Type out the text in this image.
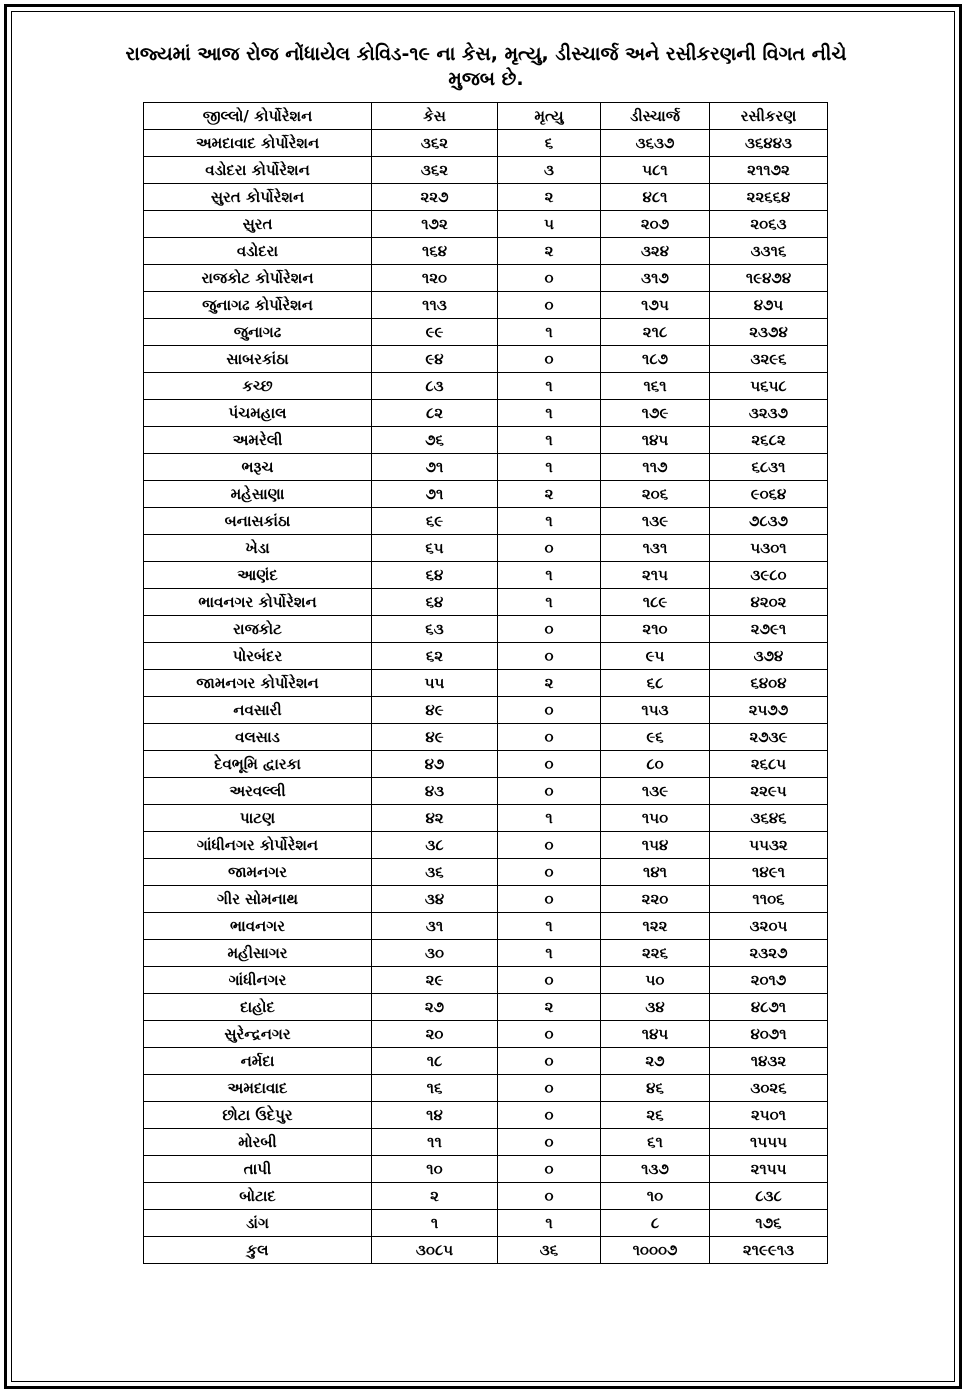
રાજ્યમાં આજ રોજ નોંધાયેલ કોવિડ-૧૯ ના કેસ, મૃત્યુ, ડીસ્ચાર્જ અને રસીકરણની વિગત નીચે
મુજબ છે.
જીલ્લો/ કોર્પોરેશન	કેસ	મૃત્યુ	ડીસ્ચાર્જ	રસીકરણ
અમદાવાદ કોર્પોરેશન	૩૬૨	૬	૩૬૩૭	૩૬૪૪૩
વડોદરા કોર્પોરેશન	૩૬૨	૩	૫૮૧	૨૧૧૭૨
સુરત કોર્પોરેશન	૨૨૭	૨	૪૮૧	૨૨૬૬૪
સુરત	૧૭૨	૫	૨૦૭	૨૦૬૩
વડોદરા	૧૬૪	૨	૩૨૪	૩૩૧૬
રાજકોટ કોર્પોરેશન	૧૨૦	૦	૩૧૭	૧૯૪૭૪
જુનાગઢ કોર્પોરેશન	૧૧૩	૦	૧૭૫	૪૭૫
જુનાગઢ	૯૯	૧	૨૧૮	૨૩૭૪
સાબરકાંઠા	૯૪	૦	૧૮૭	૩૨૯૬
કચ્છ	૮૩	૧	૧૬૧	૫૬૫૮
પંચમહાલ	૮૨	૧	૧૭૯	૩૨૩૭
અમરેલી	૭૬	૧	૧૪૫	૨૬૮૨
ભરૂચ	૭૧	૧	૧૧૭	૬૮૩૧
મહેસાણા	૭૧	૨	૨૦૬	૯૦૬૪
બનાસકાંઠા	૬૯	૧	૧૩૯	૭૮૩૭
ખેડા	૬૫	૦	૧૩૧	૫૩૦૧
આણંદ	૬૪	૧	૨૧૫	૩૯૮૦
ભાવનગર કોર્પોરેશન	૬૪	૧	૧૮૯	૪૨૦૨
રાજકોટ	૬૩	૦	૨૧૦	૨૭૯૧
પોરબંદર	૬૨	૦	૯૫	૩૭૪
જામનગર કોર્પોરેશન	૫૫	૨	૬૮	૬૪૦૪
નવસારી	૪૯	૦	૧૫૩	૨૫૭૭
વલસાડ	૪૯	૦	૯૬	૨૭૩૯
દેવભૂમિ દ્વારકા	૪૭	૦	૮૦	૨૬૮૫
અરવલ્લી	૪૩	૦	૧૩૯	૨૨૯૫
પાટણ	૪૨	૧	૧૫૦	૩૬૪૬
ગાંધીનગર કોર્પોરેશન	૩૮	૦	૧૫૪	૫૫૩૨
જામનગર	૩૬	૦	૧૪૧	૧૪૯૧
ગીર સોમનાથ	૩૪	૦	૨૨૦	૧૧૦૬
ભાવનગર	૩૧	૧	૧૨૨	૩૨૦૫
મહીસાગર	૩૦	૧	૨૨૬	૨૩૨૭
ગાંધીનગર	૨૯	૦	૫૦	૨૦૧૭
દાહોદ	૨૭	૨	૩૪	૪૮૭૧
સુરેન્દ્રનગર	૨૦	૦	૧૪૫	૪૦૭૧
નર્મદા	૧૮	૦	૨૭	૧૪૩૨
અમદાવાદ	૧૬	૦	૪૬	૩૦૨૬
છોટા ઉદેપુર	૧૪	૦	૨૬	૨૫૦૧
મોરબી	૧૧	૦	૬૧	૧૫૫૫
તાપી	૧૦	૦	૧૩૭	૨૧૫૫
બોટાદ	૨	૦	૧૦	૮૩૮
ડાંગ	૧	૧	૮	૧૭૬
કુલ	૩૦૮૫	૩૬	૧૦૦૦૭	૨૧૯૯૧૩
